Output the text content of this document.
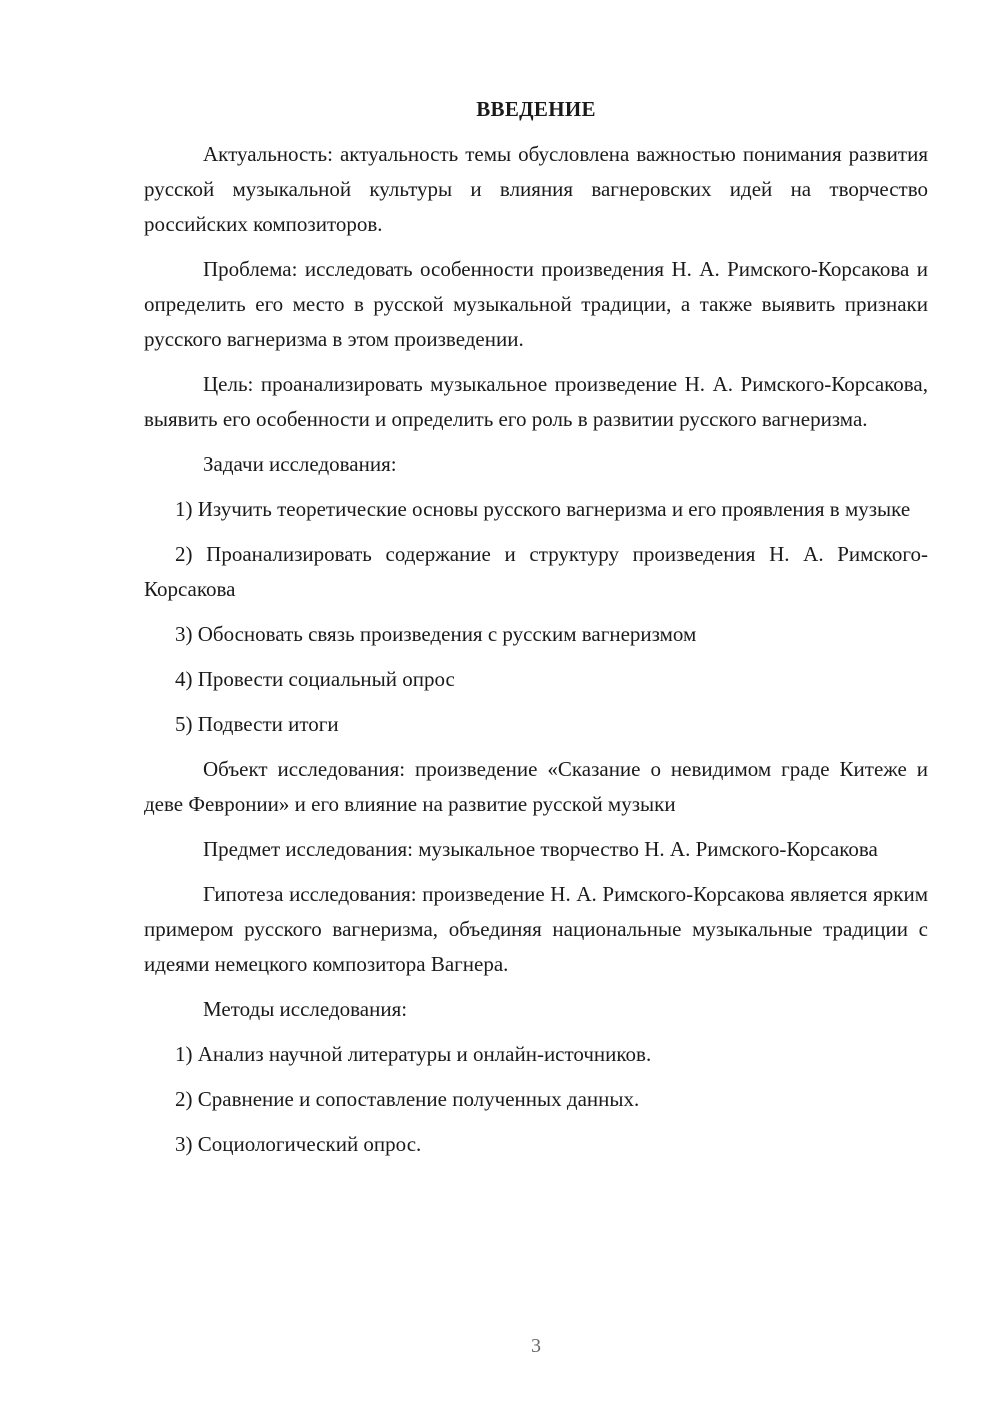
ВВЕДЕНИЕ

Актуальность: актуальность темы обусловлена важностью понимания развития русской музыкальной культуры и влияния вагнеровских идей на творчество российских композиторов.

Проблема: исследовать особенности произведения Н. А. Римского-Корсакова и определить его место в русской музыкальной традиции, а также выявить признаки русского вагнеризма в этом произведении.

Цель: проанализировать музыкальное произведение Н. А. Римского-Корсакова, выявить его особенности и определить его роль в развитии русского вагнеризма.

Задачи исследования:

1) Изучить теоретические основы русского вагнеризма и его проявления в музыке

2) Проанализировать содержание и структуру произведения Н. А. Римского-Корсакова

3) Обосновать связь произведения с русским вагнеризмом

4) Провести социальный опрос

5) Подвести итоги

Объект исследования: произведение «Сказание о невидимом граде Китеже и деве Февронии» и его влияние на развитие русской музыки

Предмет исследования: музыкальное творчество Н. А. Римского-Корсакова

Гипотеза исследования: произведение Н. А. Римского-Корсакова является ярким примером русского вагнеризма, объединяя национальные музыкальные традиции с идеями немецкого композитора Вагнера.

Методы исследования:

1) Анализ научной литературы и онлайн-источников.

2) Сравнение и сопоставление полученных данных.

3) Социологический опрос.

3
